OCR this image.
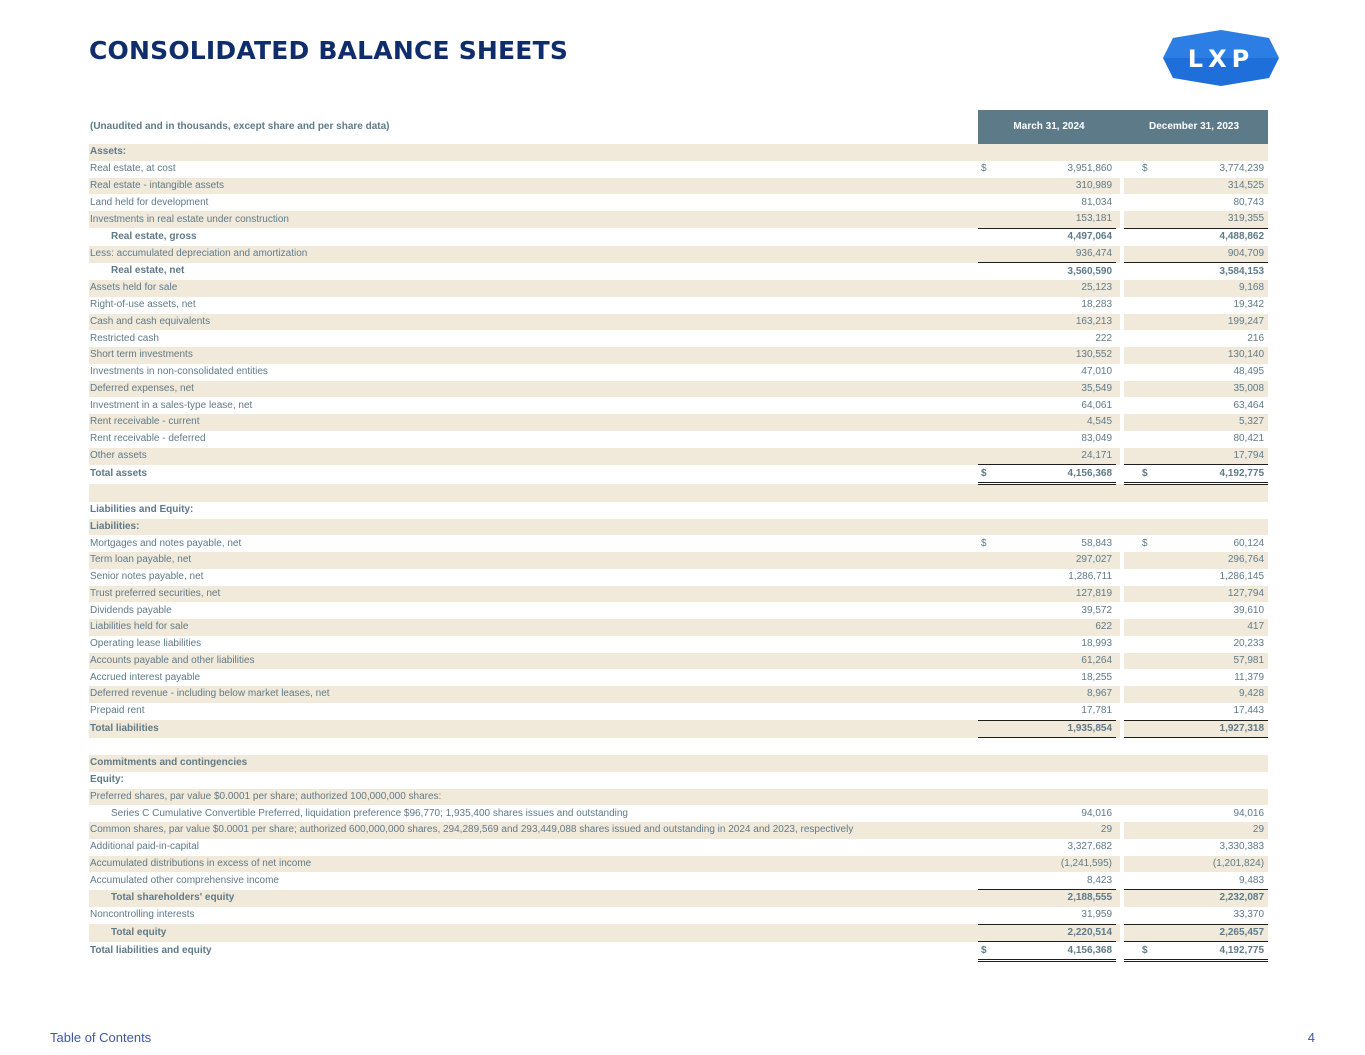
CONSOLIDATED BALANCE SHEETS	LXP
(Unaudited and in thousands, except share and per share data)	March 31, 2024		December 31, 2023	
Assets:				
Real estate, at cost	$	3,951,860	$	3,774,239
Real estate - intangible assets		310,989		314,525
Land held for development		81,034		80,743
Investments in real estate under construction		153,181		319,355
Real estate, gross		4,497,064		4,488,862
Less: accumulated depreciation and amortization		936,474		904,709
Real estate, net		3,560,590		3,584,153
Assets held for sale		25,123		9,168
Right-of-use assets, net		18,283		19,342
Cash and cash equivalents		163,213		199,247
Restricted cash		222		216
Short term investments		130,552		130,140
Investments in non-consolidated entities		47,010		48,495
Deferred expenses, net		35,549		35,008
Investment in a sales-type lease, net		64,061		63,464
Rent receivable - current		4,545		5,327
Rent receivable - deferred		83,049		80,421
Other assets		24,171		17,794
Total assets	$	4,156,368	$	4,192,775

Liabilities and Equity:				
Liabilities:				
Mortgages and notes payable, net	$	58,843	$	60,124
Term loan payable, net		297,027		296,764
Senior notes payable, net		1,286,711		1,286,145
Trust preferred securities, net		127,819		127,794
Dividends payable		39,572		39,610
Liabilities held for sale		622		417
Operating lease liabilities		18,993		20,233
Accounts payable and other liabilities		61,264		57,981
Accrued interest payable		18,255		11,379
Deferred revenue - including below market leases, net		8,967		9,428
Prepaid rent		17,781		17,443
Total liabilities		1,935,854		1,927,318

Commitments and contingencies				
Equity:				
Preferred shares, par value $0.0001 per share; authorized 100,000,000 shares:				
Series C Cumulative Convertible Preferred, liquidation preference $96,770; 1,935,400 shares issues and outstanding		94,016		94,016
Common shares, par value $0.0001 per share; authorized 600,000,000 shares, 294,289,569 and 293,449,088 shares issued and outstanding in 2024 and 2023, respectively		29		29
Additional paid-in-capital		3,327,682		3,330,383
Accumulated distributions in excess of net income		(1,241,595)		(1,201,824)
Accumulated other comprehensive income		8,423		9,483
Total shareholders' equity		2,188,555		2,232,087
Noncontrolling interests		31,959		33,370
Total equity		2,220,514		2,265,457
Total liabilities and equity	$	4,156,368	$	4,192,775
Table of Contents	4
